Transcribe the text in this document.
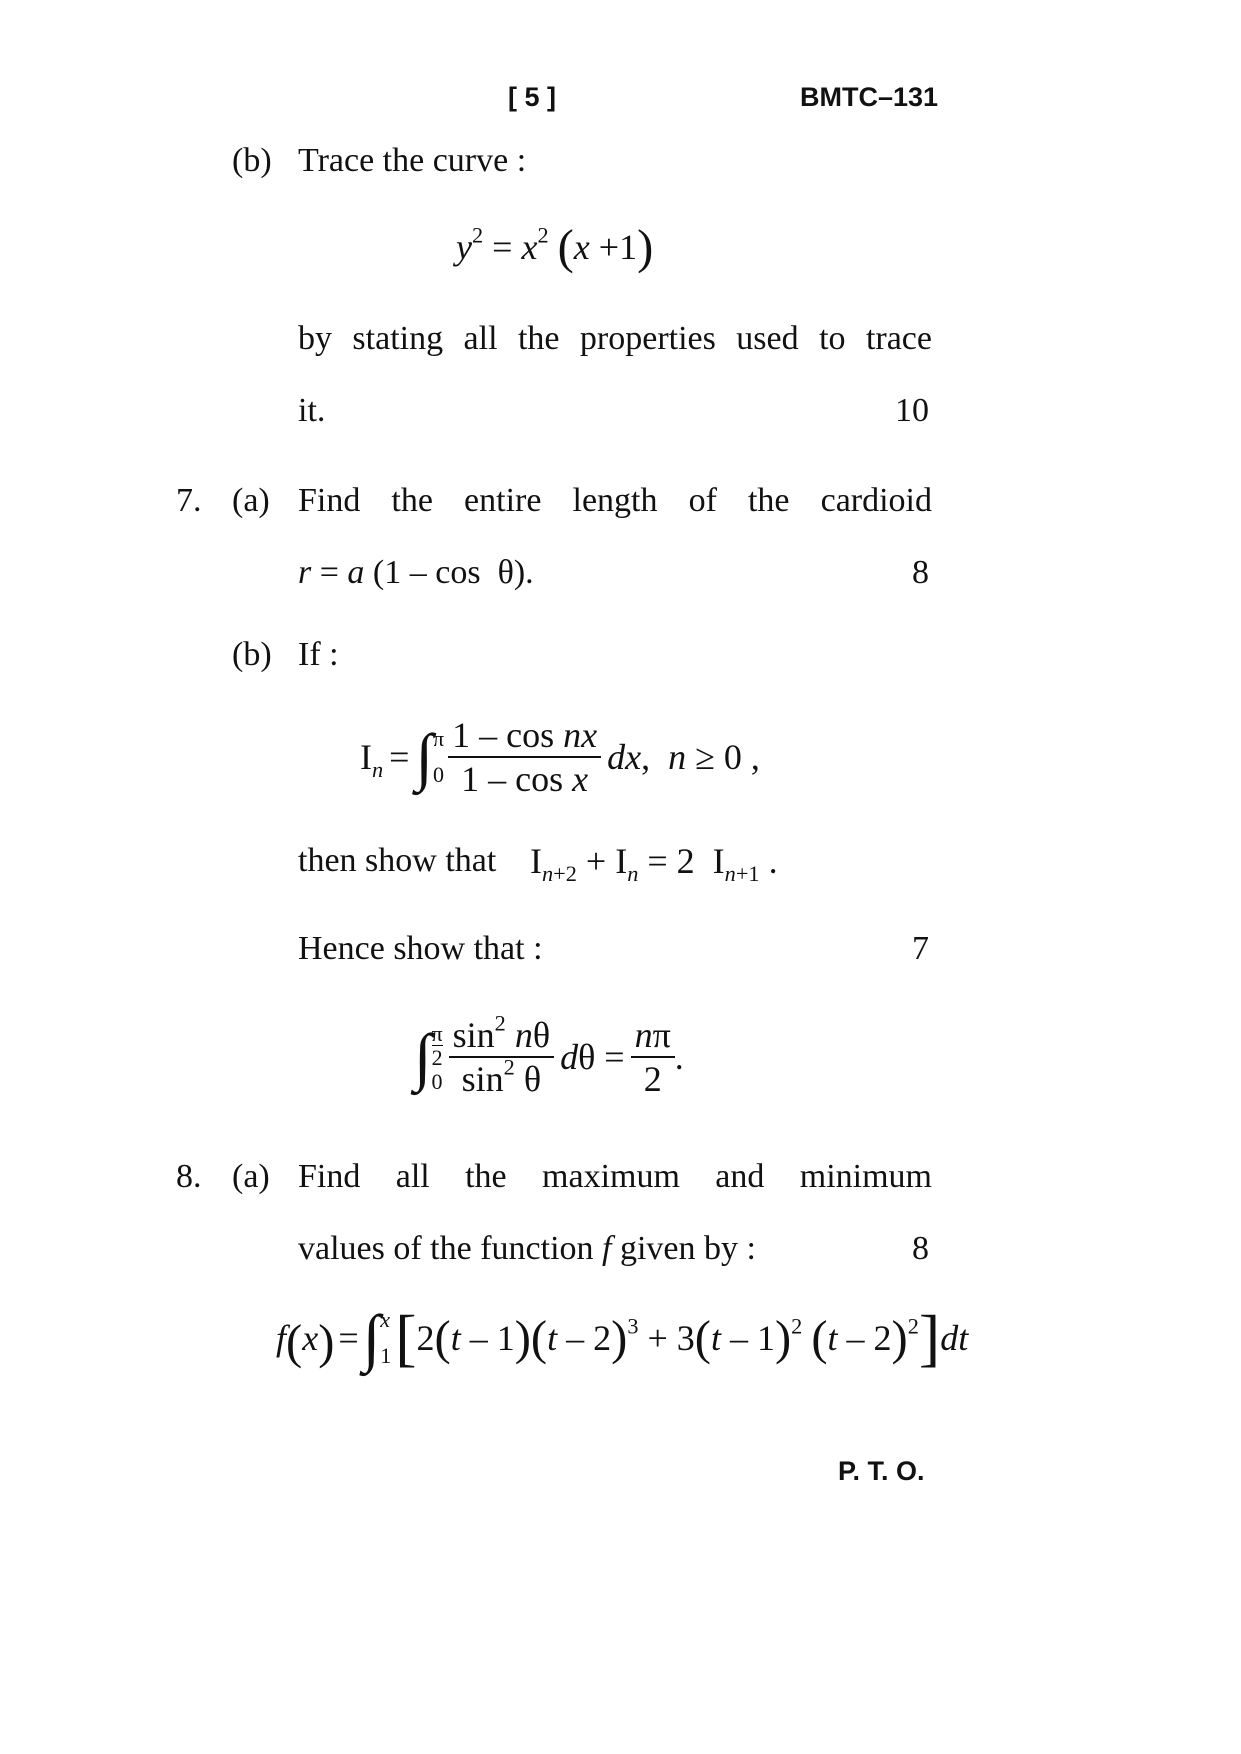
[ 5 ]	BMTC–131
(b) Trace the curve :
$y^2 = x^2$ (x +1)
by stating all the properties used to trace
it.	10
7. (a) Find the entire length of the cardioid
r = a (1 – cos  θ).	8
(b) If :
$I_n$ = ∫ π
$0 \frac{\text{1 – cos nx}}{\text{1 – cos x}}$ dx,  n ≥ 0 ,
then show that $I_{n+2} + I_n = 2$  $I_{n+1}$ .
Hence show that :	7
∫ π
2
$0 \frac{\sin^2 n\theta}{\sin^2 \theta}$ $d\theta = \frac{n\pi}{2}$ .
8. (a) Find all the maximum and minimum
values of the function f given by :	8
f ( x ) = ∫ x
1 [ 2(t – 1)(t – 2)$^3$ + 3(t – 1)$^2$ (t – 2)$^2$ ] dt
P. T. O.
